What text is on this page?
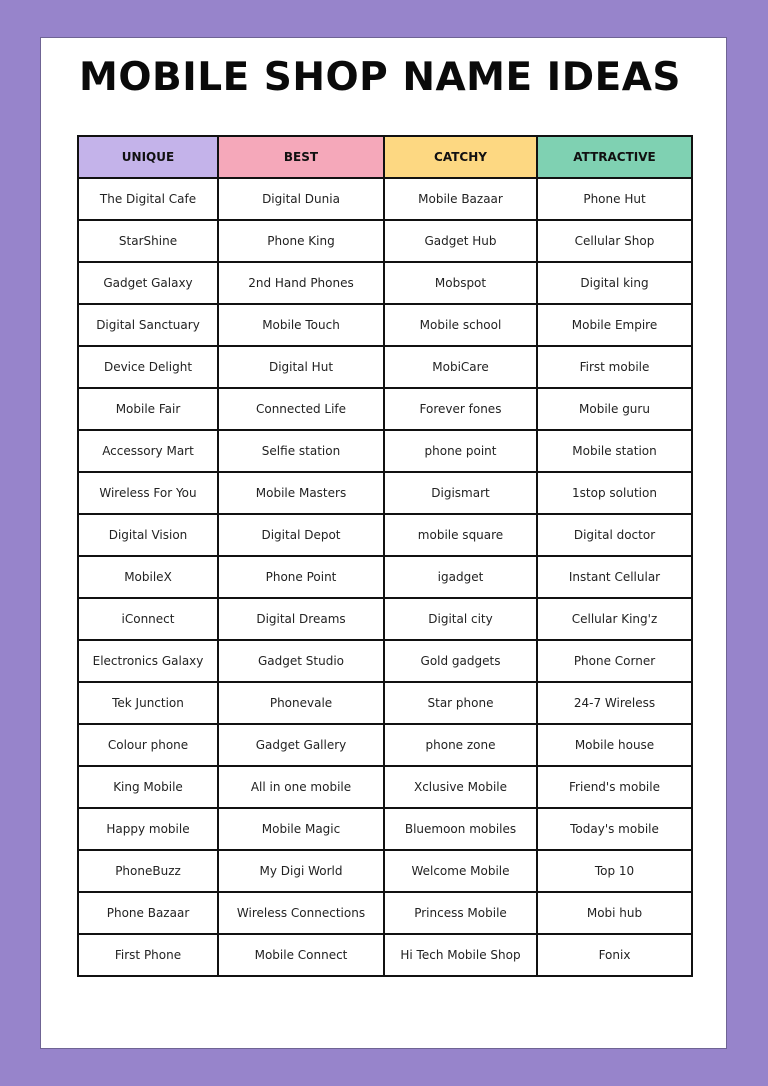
MOBILE SHOP NAME IDEAS
UNIQUE	BEST	CATCHY	ATTRACTIVE
The Digital Cafe	Digital Dunia	Mobile Bazaar	Phone Hut
StarShine	Phone King	Gadget Hub	Cellular Shop
Gadget Galaxy	2nd Hand Phones	Mobspot	Digital king
Digital Sanctuary	Mobile Touch	Mobile school	Mobile Empire
Device Delight	Digital Hut	MobiCare	First mobile
Mobile Fair	Connected Life	Forever fones	Mobile guru
Accessory Mart	Selfie station	phone point	Mobile station
Wireless For You	Mobile Masters	Digismart	1stop solution
Digital Vision	Digital Depot	mobile square	Digital doctor
MobileX	Phone Point	igadget	Instant Cellular
iConnect	Digital Dreams	Digital city	Cellular King'z
Electronics Galaxy	Gadget Studio	Gold gadgets	Phone Corner
Tek Junction	Phonevale	Star phone	24-7 Wireless
Colour phone	Gadget Gallery	phone zone	Mobile house
King Mobile	All in one mobile	Xclusive Mobile	Friend's mobile
Happy mobile	Mobile Magic	Bluemoon mobiles	Today's mobile
PhoneBuzz	My Digi World	Welcome Mobile	Top 10
Phone Bazaar	Wireless Connections	Princess Mobile	Mobi hub
First Phone	Mobile Connect	Hi Tech Mobile Shop	Fonix
